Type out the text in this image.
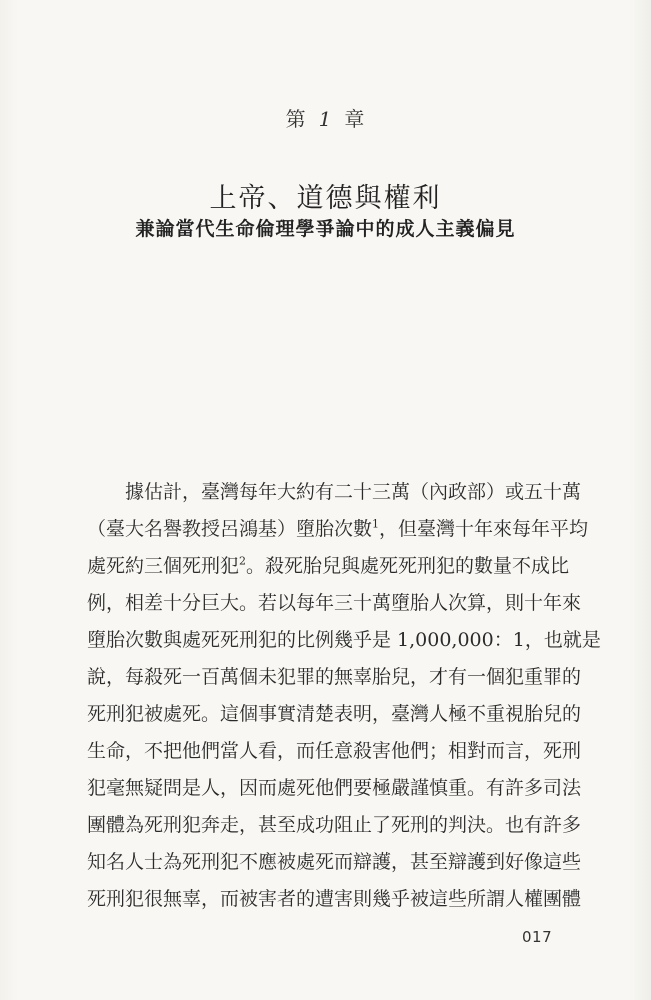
第 1 章
上帝、道德與權利
兼論當代生命倫理學爭論中的成人主義偏見
據估計，臺灣每年大約有二十三萬（內政部）或五十萬
（臺大名譽教授呂鴻基）墮胎次數$^1$，但臺灣十年來每年平均
處死約三個死刑犯$^2$。殺死胎兒與處死死刑犯的數量不成比
例，相差十分巨大。若以每年三十萬墮胎人次算，則十年來
墮胎次數與處死死刑犯的比例幾乎是 1,000,000：1，也就是
說，每殺死一百萬個未犯罪的無辜胎兒，才有一個犯重罪的
死刑犯被處死。這個事實清楚表明，臺灣人極不重視胎兒的
生命，不把他們當人看，而任意殺害他們；相對而言，死刑
犯毫無疑問是人，因而處死他們要極嚴謹慎重。有許多司法
團體為死刑犯奔走，甚至成功阻止了死刑的判決。也有許多
知名人士為死刑犯不應被處死而辯護，甚至辯護到好像這些
死刑犯很無辜，而被害者的遭害則幾乎被這些所謂人權團體
017
